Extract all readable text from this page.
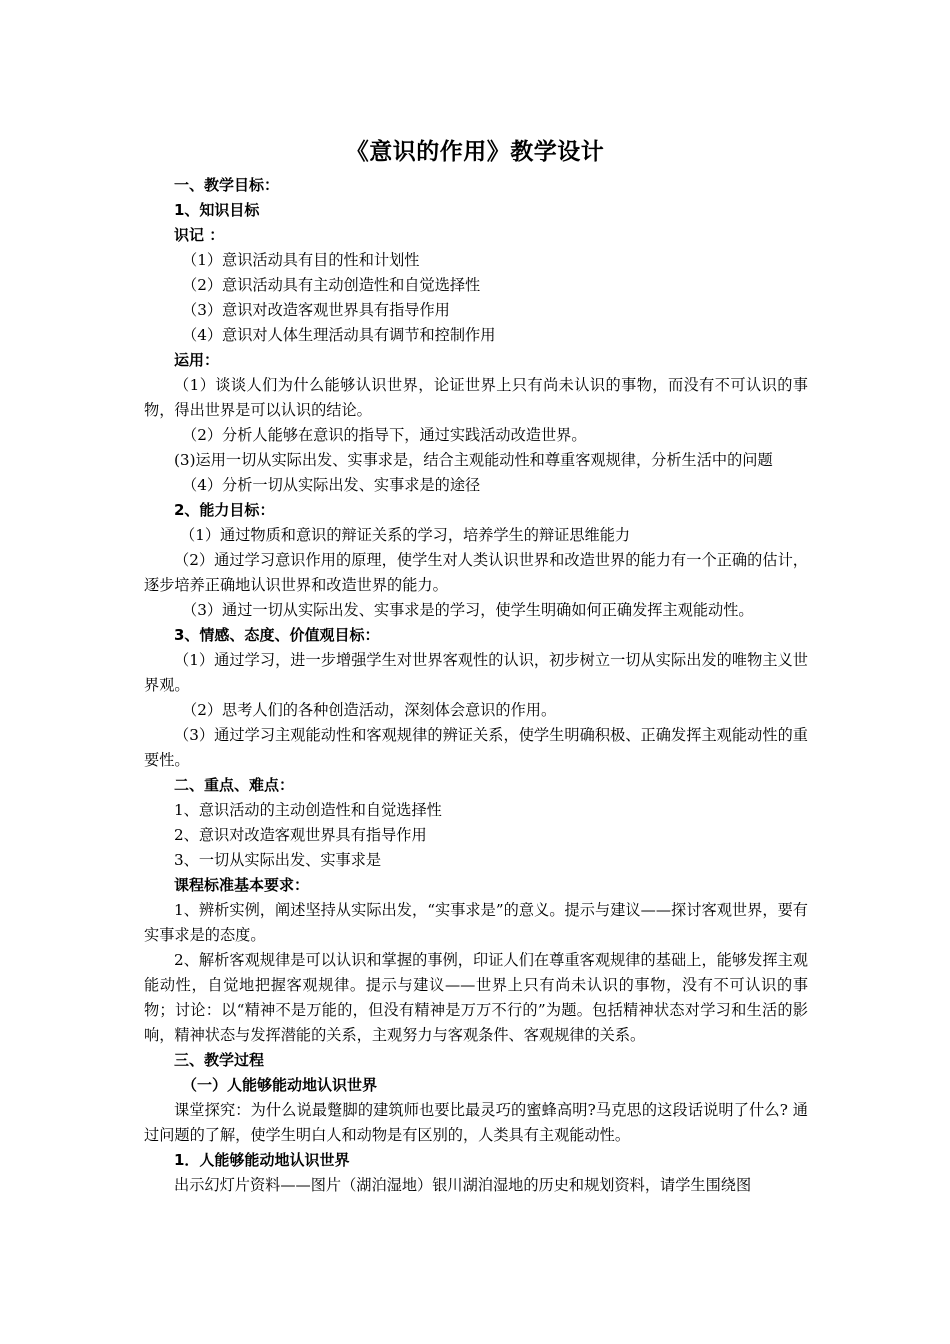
《意识的作用》教学设计

一、教学目标：

1、知识目标

识记 ：

（1）意识活动具有目的性和计划性

（2）意识活动具有主动创造性和自觉选择性

（3）意识对改造客观世界具有指导作用

（4）意识对人体生理活动具有调节和控制作用

运用：

（1）谈谈人们为什么能够认识世界，论证世界上只有尚未认识的事物，而没有不可认识的事物，得出世界是可以认识的结论。

（2）分析人能够在意识的指导下，通过实践活动改造世界。

(3)运用一切从实际出发、实事求是，结合主观能动性和尊重客观规律，分析生活中的问题

（4）分析一切从实际出发、实事求是的途径

2、能力目标：

（1）通过物质和意识的辩证关系的学习，培养学生的辩证思维能力

（2）通过学习意识作用的原理，使学生对人类认识世界和改造世界的能力有一个正确的估计，逐步培养正确地认识世界和改造世界的能力。

（3）通过一切从实际出发、实事求是的学习，使学生明确如何正确发挥主观能动性。

3、情感、态度、价值观目标：

（1）通过学习，进一步增强学生对世界客观性的认识，初步树立一切从实际出发的唯物主义世界观。

（2）思考人们的各种创造活动，深刻体会意识的作用。

（3）通过学习主观能动性和客观规律的辨证关系，使学生明确积极、正确发挥主观能动性的重要性。

二、重点、难点：

1、意识活动的主动创造性和自觉选择性

2、意识对改造客观世界具有指导作用

3、一切从实际出发、实事求是

课程标准基本要求：

1、辨析实例，阐述坚持从实际出发，“实事求是”的意义。提示与建议——探讨客观世界，要有实事求是的态度。

2、解析客观规律是可以认识和掌握的事例，印证人们在尊重客观规律的基础上，能够发挥主观能动性，自觉地把握客观规律。提示与建议——世界上只有尚未认识的事物，没有不可认识的事物；讨论：以“精神不是万能的，但没有精神是万万不行的”为题。包括精神状态对学习和生活的影响，精神状态与发挥潜能的关系，主观努力与客观条件、客观规律的关系。

三、教学过程

（一）人能够能动地认识世界

课堂探究：为什么说最蹩脚的建筑师也要比最灵巧的蜜蜂高明?马克思的这段话说明了什么? 通过问题的了解，使学生明白人和动物是有区别的，人类具有主观能动性。

1．人能够能动地认识世界

出示幻灯片资料——图片（湖泊湿地）银川湖泊湿地的历史和规划资料，请学生围绕图
